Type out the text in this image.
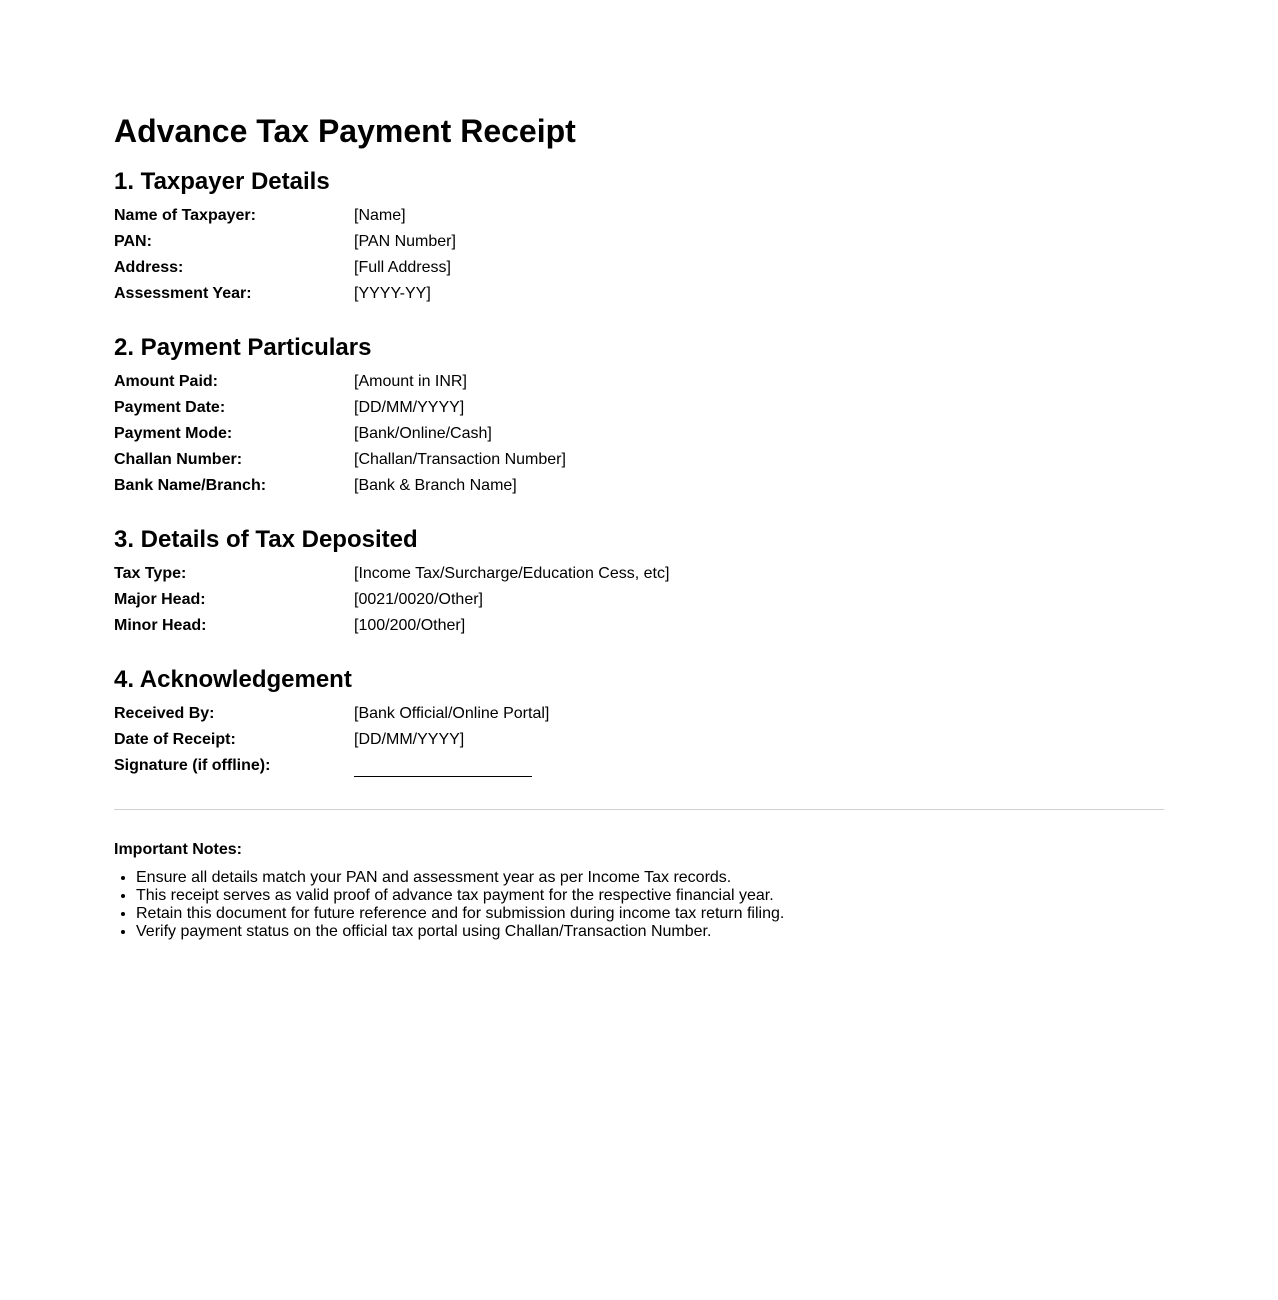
Advance Tax Payment Receipt
1. Taxpayer Details
Name of Taxpayer:	[Name]
PAN:	[PAN Number]
Address:	[Full Address]
Assessment Year:	[YYYY-YY]
2. Payment Particulars
Amount Paid:	[Amount in INR]
Payment Date:	[DD/MM/YYYY]
Payment Mode:	[Bank/Online/Cash]
Challan Number:	[Challan/Transaction Number]
Bank Name/Branch:	[Bank & Branch Name]
3. Details of Tax Deposited
Tax Type:	[Income Tax/Surcharge/Education Cess, etc]
Major Head:	[0021/0020/Other]
Minor Head:	[100/200/Other]
4. Acknowledgement
Received By:	[Bank Official/Online Portal]
Date of Receipt:	[DD/MM/YYYY]
Signature (if offline):	

Important Notes:

• Ensure all details match your PAN and assessment year as per Income Tax records.
• This receipt serves as valid proof of advance tax payment for the respective financial year.
• Retain this document for future reference and for submission during income tax return filing.
• Verify payment status on the official tax portal using Challan/Transaction Number.
